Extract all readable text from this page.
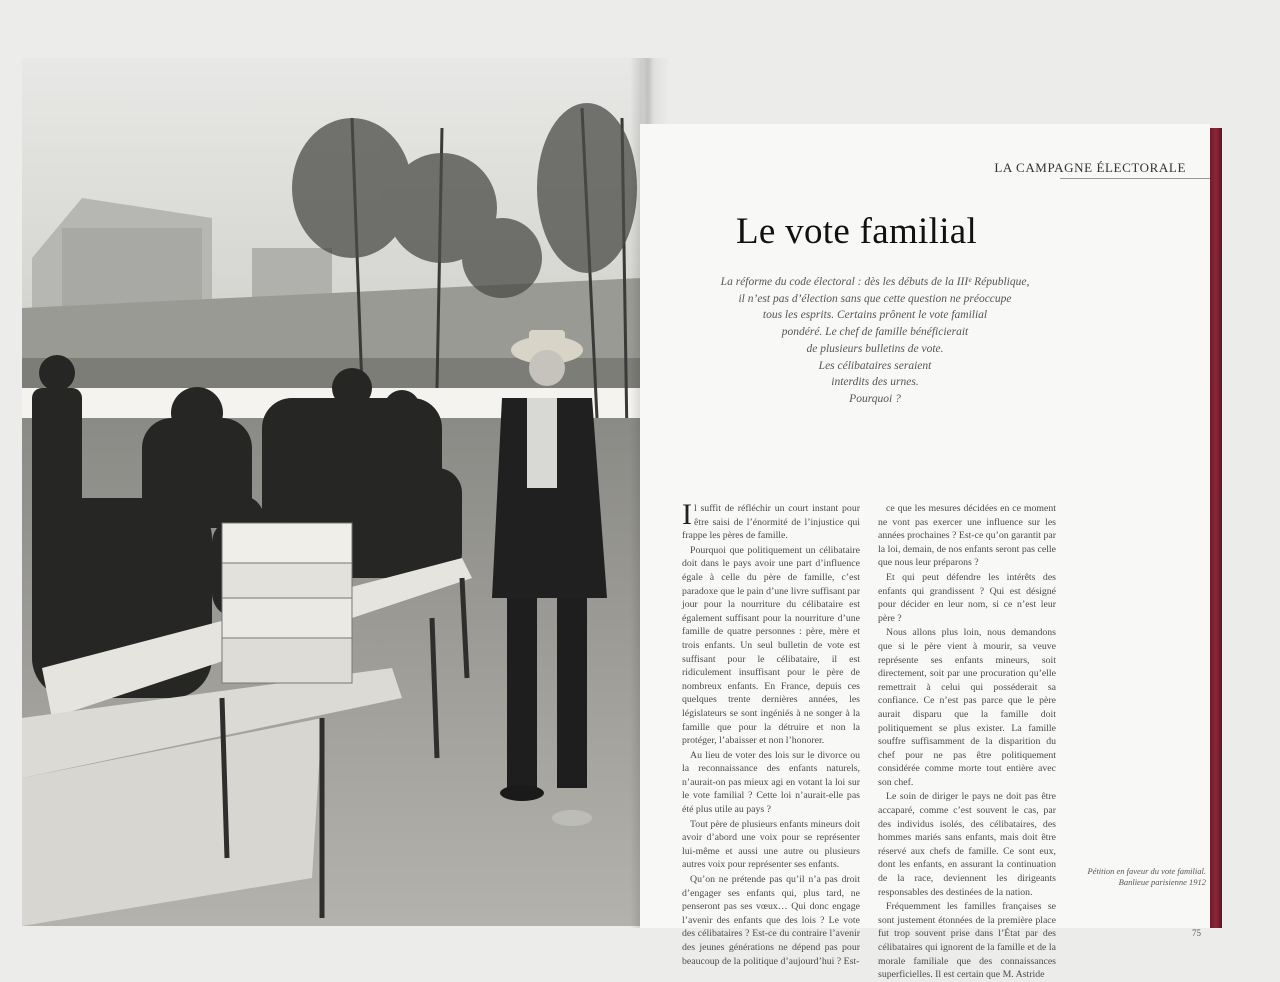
LA CAMPAGNE ÉLECTORALE
Le vote familial
La réforme du code électoral : dès les débuts de la IIIᵉ République,
il n’est pas d’élection sans que cette question ne préoccupe
tous les esprits. Certains prônent le vote familial
pondéré. Le chef de famille bénéficierait
de plusieurs bulletins de vote.
Les célibataires seraient
interdits des urnes.
Pourquoi ?

Il suffit de réfléchir un court instant pour être saisi de l’énormité de l’injustice qui frappe les pères de famille.

Pourquoi que politiquement un célibataire doit dans le pays avoir une part d’influence égale à celle du père de famille, c’est paradoxe que le pain d’une livre suffisant par jour pour la nourriture du célibataire est également suffisant pour la nourriture d’une famille de quatre personnes : père, mère et trois enfants. Un seul bulletin de vote est suffisant pour le célibataire, il est ridiculement insuffisant pour le père de nombreux enfants. En France, depuis ces quelques trente dernières années, les législateurs se sont ingéniés à ne songer à la famille que pour la détruire et non la protéger, l’abaisser et non l’honorer.

Au lieu de voter des lois sur le divorce ou la reconnaissance des enfants naturels, n’aurait-on pas mieux agi en votant la loi sur le vote familial ? Cette loi n’aurait-elle pas été plus utile au pays ?

Tout père de plusieurs enfants mineurs doit avoir d’abord une voix pour se représenter lui-même et aussi une autre ou plusieurs autres voix pour représenter ses enfants.

Qu’on ne prétende pas qu’il n’a pas droit d’engager ses enfants qui, plus tard, ne penseront pas ses vœux… Qui donc engage l’avenir des enfants que des lois ? Le vote des célibataires ? Est-ce du contraire l’avenir des jeunes générations ne dépend pas pour beaucoup de la politique d’aujourd’hui ? Est-

ce que les mesures décidées en ce moment ne vont pas exercer une influence sur les années prochaines ? Est-ce qu’on garantit par la loi, demain, de nos enfants seront pas celle que nous leur préparons ?

Et qui peut défendre les intérêts des enfants qui grandissent ? Qui est désigné pour décider en leur nom, si ce n’est leur père ?

Nous allons plus loin, nous demandons que si le père vient à mourir, sa veuve représente ses enfants mineurs, soit directement, soit par une procuration qu’elle remettrait à celui qui posséderait sa confiance. Ce n’est pas parce que le père aurait disparu que la famille doit politiquement se plus exister. La famille souffre suffisamment de la disparition du chef pour ne pas être politiquement considérée comme morte tout entière avec son chef.

Le soin de diriger le pays ne doit pas être accaparé, comme c’est souvent le cas, par des individus isolés, des célibataires, des hommes mariés sans enfants, mais doit être réservé aux chefs de famille. Ce sont eux, dont les enfants, en assurant la continuation de la race, deviennent les dirigeants responsables des destinées de la nation.

Fréquemment les familles françaises se sont justement étonnées de la première place fut trop souvent prise dans l’État par des célibataires qui ignorent de la famille et de la morale familiale que des connaissances superficielles. Il est certain que M. Astride

Pétition en faveur du vote familial. Banlieue parisienne 1912
75
